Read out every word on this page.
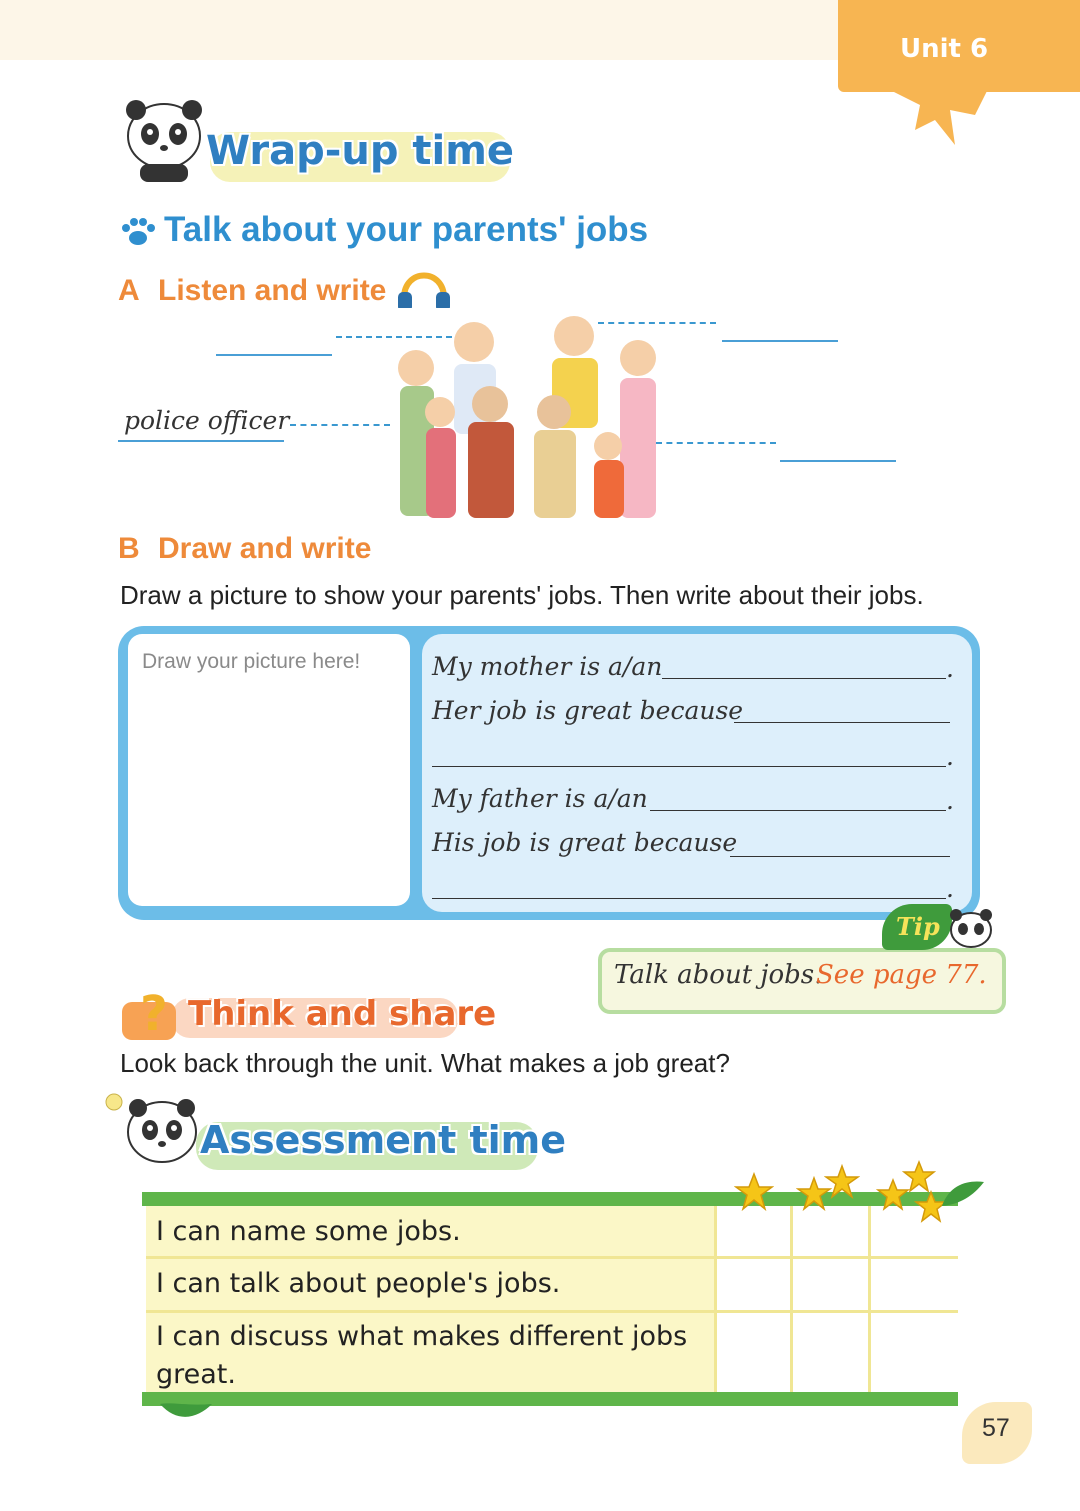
Unit 6
Wrap-up time
Talk about your parents' jobs
A Listen and write
police officer
B Draw and write
Draw a picture to show your parents' jobs. Then write about their jobs.
Draw your picture here!	My mother is a/an	.
Her job is great because
.
My father is a/an	.
His job is great because
.
Talk about jobs.
See page 77.
Tip
? Think and share
Look back through the unit. What makes a job great?
Assessment time
I can name some jobs.
I can talk about people's jobs.
I can discuss what makes different jobs great.
57
